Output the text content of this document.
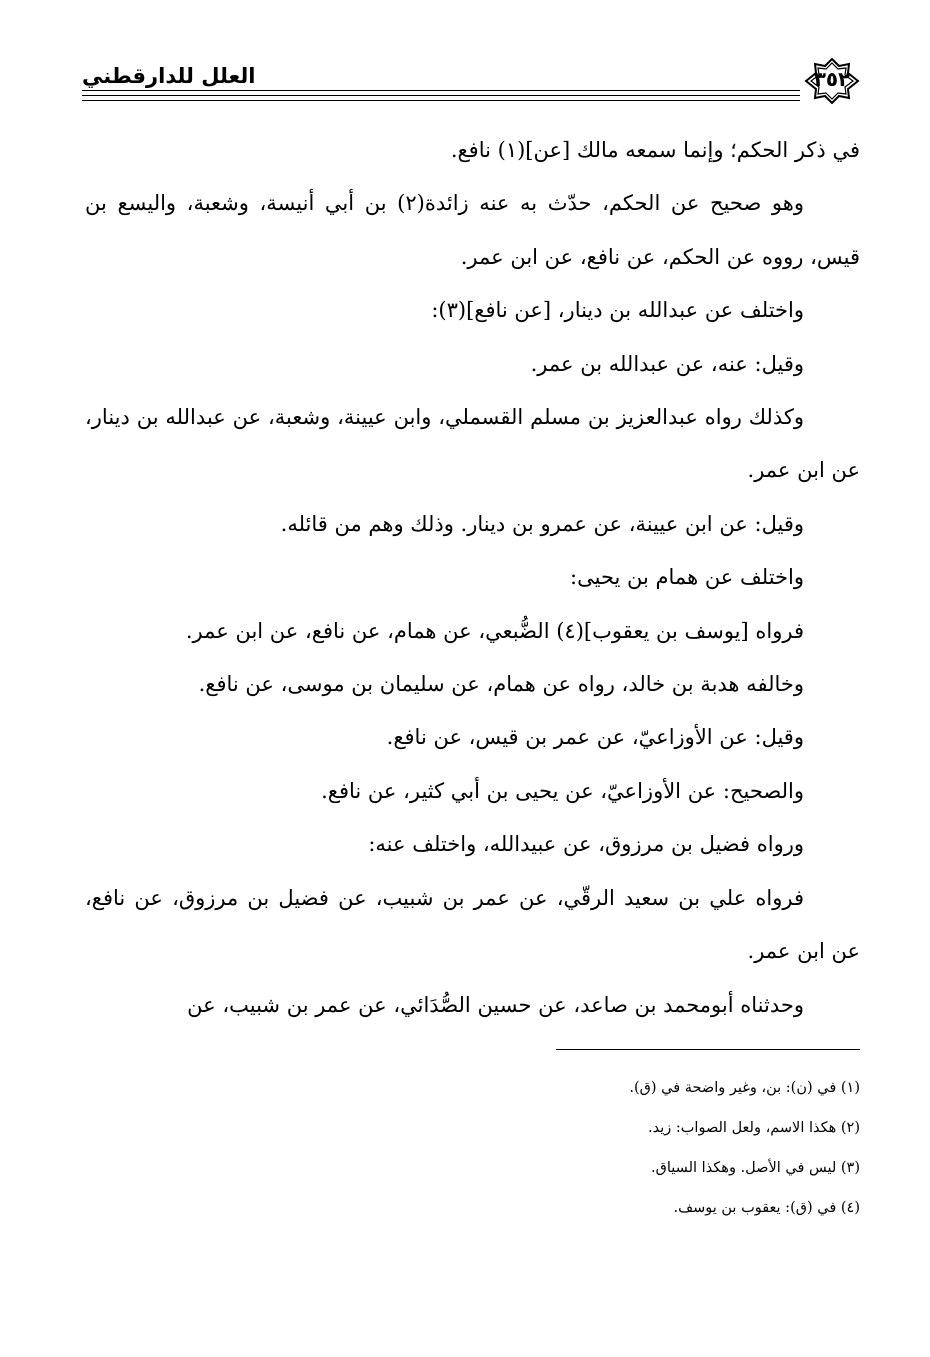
العلل للدارقطني	٣٥٢

في ذكر الحكم؛ وإنما سمعه مالك [عن](١) نافع.

وهو صحيح عن الحكم، حدّث به عنه زائدة(٢) بن أبي أنيسة، وشعبة، واليسع بن قيس، رووه عن الحكم، عن نافع، عن ابن عمر.

واختلف عن عبدالله بن دينار، [عن نافع](٣):

وقيل: عنه، عن عبدالله بن عمر.

وكذلك رواه عبدالعزيز بن مسلم القسملي، وابن عيينة، وشعبة، عن عبدالله بن دينار، عن ابن عمر.

وقيل: عن ابن عيينة، عن عمرو بن دينار. وذلك وهم من قائله.

واختلف عن همام بن يحيى:

فرواه [يوسف بن يعقوب](٤) الضُّبعي، عن همام، عن نافع، عن ابن عمر.

وخالفه هدبة بن خالد، رواه عن همام، عن سليمان بن موسى، عن نافع.

وقيل: عن الأوزاعيّ، عن عمر بن قيس، عن نافع.

والصحيح: عن الأوزاعيّ، عن يحيى بن أبي كثير، عن نافع.

ورواه فضيل بن مرزوق، عن عبيدالله، واختلف عنه:

فرواه علي بن سعيد الرقّي، عن عمر بن شبيب، عن فضيل بن مرزوق، عن نافع، عن ابن عمر.

وحدثناه أبومحمد بن صاعد، عن حسين الصُّدَائي، عن عمر بن شبيب، عن

(١) في (ن): بن، وغير واضحة في (ق).

(٢) هكذا الاسم، ولعل الصواب: زيد.

(٣) ليس في الأصل. وهكذا السياق.

(٤) في (ق): يعقوب بن يوسف.
